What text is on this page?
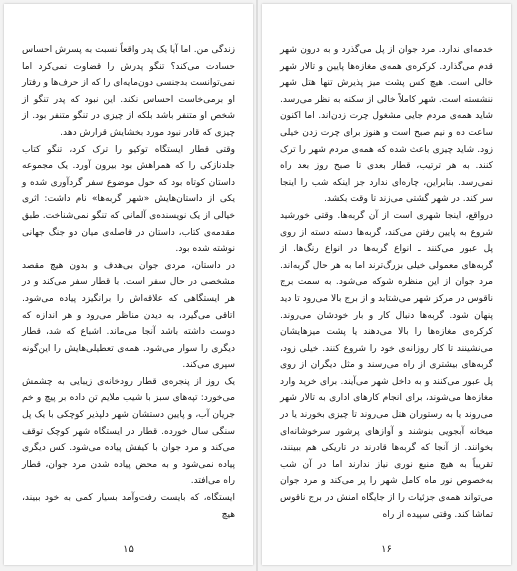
خدمه‌ای ندارد. مرد جوان از پل می‌گذرد و به درون شهر قدم می‌گذارد. کرکره‌ی همه‌ی مغازه‌ها پایین و تالار شهر خالی است. هیچ کس پشت میز پذیرش تنها هتل شهر ننشسته است. شهر کاملاً خالی از سکنه به نظر می‌رسد. شاید همه‌ی مردم جایی مشغول چرت زدن‌اند. اما اکنون ساعت ده و نیم صبح است و هنوز برای چرت زدن خیلی زود. شاید چیزی باعث شده که همه‌ی مردم شهر را ترک کنند. به هر ترتیب، قطار بعدی تا صبح روز بعد راه نمی‌رسد. بنابراین، چاره‌ای ندارد جز اینکه شب را اینجا سر کند. در شهر گشتی می‌زند تا وقت بکشد.

درواقع، اینجا شهری است از آن گربه‌ها. وقتی خورشید شروع به پایین رفتن می‌کند، گربه‌ها دسته دسته از روی پل عبور می‌کنند ـ انواع گربه‌ها در انواع رنگ‌ها. از گربه‌های معمولی خیلی بزرگ‌ترند اما به هر حال گربه‌اند. مرد جوان از این منظره شوکه می‌شود. به سمت برج ناقوس در مرکز شهر می‌شتابد و از برج بالا می‌رود تا دید پنهان شود. گربه‌ها دنبال کار و بار خودشان می‌روند. کرکره‌ی مغازه‌ها را بالا می‌دهند یا پشت میزهایشان می‌نشینند تا کار روزانه‌ی خود را شروع کنند. خیلی زود، گربه‌های بیشتری از راه می‌رسند و مثل دیگران از روی پل عبور می‌کنند و به داخل شهر می‌آیند. برای خرید وارد مغازه‌ها می‌شوند، برای انجام کارهای اداری به تالار شهر می‌روند یا به رستوران هتل می‌روند تا چیزی بخورند یا در میخانه آبجویی بنوشند و آوازهای پرشور سرخوشانه‌ای بخوانند. از آنجا که گربه‌ها قادرند در تاریکی هم ببینند، تقریباً به هیچ منبع نوری نیاز ندارند اما در آن شب به‌خصوص نور ماه کامل شهر را پر می‌کند و مرد جوان می‌تواند همه‌ی جزئیات را از جایگاه امنش در برج ناقوس تماشا کند. وقتی سپیده از راه

۱۶

زندگی من. اما آیا یک پدر واقعاً نسبت به پسرش احساس حسادت می‌کند؟ تنگو پدرش را قضاوت نمی‌کرد اما نمی‌توانست بدجنسی دون‌مایه‌ای را که از حرف‌ها و رفتار او برمی‌خاست احساس نکند. این نبود که پدر تنگو از شخص او متنفر باشد بلکه از چیزی در تنگو متنفر بود. از چیزی که قادر نبود مورد بخشایش قرارش دهد.

وقتی قطار ایستگاه توکیو را ترک کرد، تنگو کتاب جلدنازکی را که همراهش بود بیرون آورد. یک مجموعه داستان کوتاه بود که حول موضوع سفر گردآوری شده و یکی از داستان‌هایش «شهر گربه‌ها» نام داشت: اثری خیالی از یک نویسنده‌ی آلمانی که تنگو نمی‌شناخت. طبق مقدمه‌ی کتاب، داستان در فاصله‌ی میان دو جنگ جهانی نوشته شده بود.

در داستان، مردی جوان بی‌هدف و بدون هیچ مقصد مشخصی در حال سفر است. با قطار سفر می‌کند و در هر ایستگاهی که علاقه‌اش را برانگیزد پیاده می‌شود. اتاقی می‌گیرد، به دیدن مناظر می‌رود و هر اندازه که دوست داشته باشد آنجا می‌ماند. اشباع که شد، قطار دیگری را سوار می‌شود. همه‌ی تعطیلی‌هایش را این‌گونه سپری می‌کند.

یک روز از پنجره‌ی قطار رودخانه‌ی زیبایی به چشمش می‌خورد: تپه‌های سبز با شیب ملایم تن داده بر پیچ و خم جریان آب، و پایین دستشان شهر دلپذیر کوچکی با یک پل سنگی سال خورده. قطار در ایستگاه شهر کوچک توقف می‌کند و مرد جوان با کیفش پیاده می‌شود. کس دیگری پیاده نمی‌شود و به محض پیاده شدن مرد جوان، قطار راه می‌افتد.

ایستگاه، که بایست رفت‌وآمد بسیار کمی به خود ببیند، هیچ

۱۵
